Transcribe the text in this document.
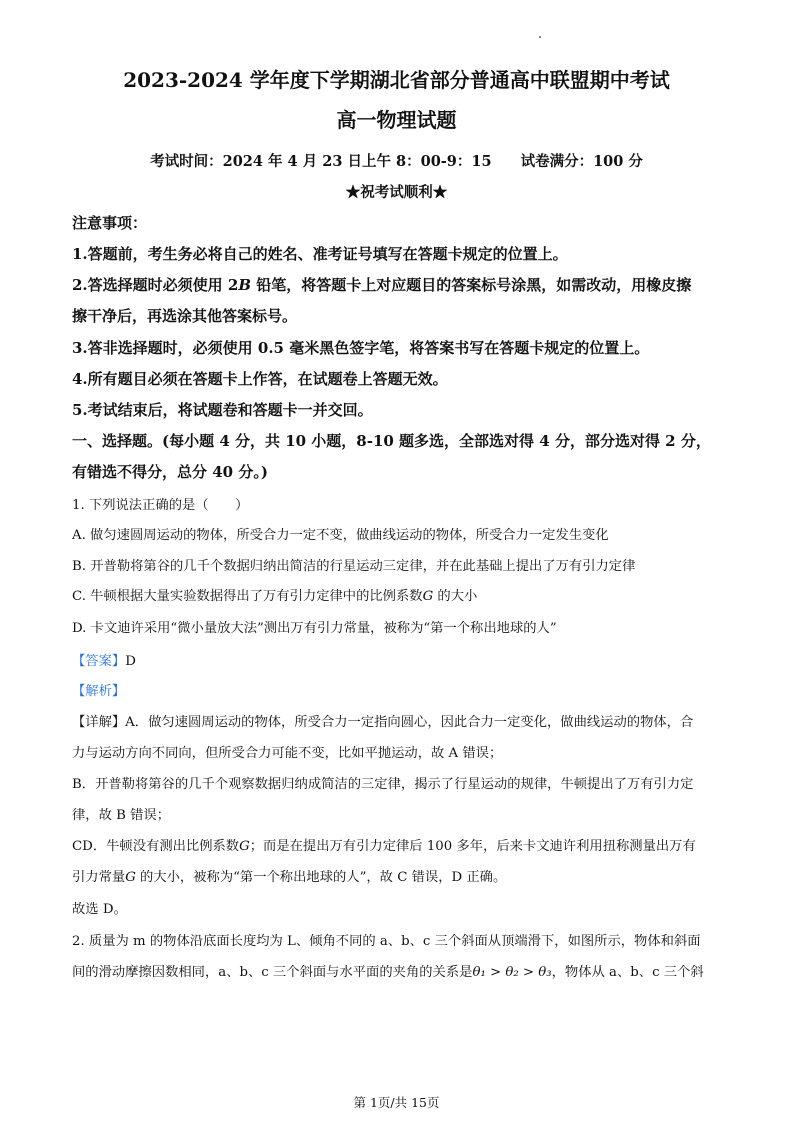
2023-2024 学年度下学期湖北省部分普通高中联盟期中考试
高一物理试题
考试时间：2024 年 4 月 23 日上午 8：00-9：15　　试卷满分：100 分
★祝考试顺利★
注意事项：
1.答题前，考生务必将自己的姓名、准考证号填写在答题卡规定的位置上。
2.答选择题时必须使用 2B 铅笔，将答题卡上对应题目的答案标号涂黑，如需改动，用橡皮擦
擦干净后，再选涂其他答案标号。
3.答非选择题时，必须使用 0.5 毫米黑色签字笔，将答案书写在答题卡规定的位置上。
4.所有题目必须在答题卡上作答，在试题卷上答题无效。
5.考试结束后，将试题卷和答题卡一并交回。
一、选择题。(每小题 4 分，共 10 小题，8-10 题多选，全部选对得 4 分，部分选对得 2 分，
有错选不得分，总分 40 分。)
1. 下列说法正确的是（　　）
A. 做匀速圆周运动的物体，所受合力一定不变，做曲线运动的物体，所受合力一定发生变化
B. 开普勒将第谷的几千个数据归纳出简洁的行星运动三定律，并在此基础上提出了万有引力定律
C. 牛顿根据大量实验数据得出了万有引力定律中的比例系数G 的大小
D. 卡文迪许采用“微小量放大法”测出万有引力常量，被称为“第一个称出地球的人”
【答案】D
【解析】
【详解】A．做匀速圆周运动的物体，所受合力一定指向圆心，因此合力一定变化，做曲线运动的物体，合
力与运动方向不同向，但所受合力可能不变，比如平抛运动，故 A 错误；
B．开普勒将第谷的几千个观察数据归纳成简洁的三定律，揭示了行星运动的规律，牛顿提出了万有引力定
律，故 B 错误；
CD．牛顿没有测出比例系数G；而是在提出万有引力定律后 100 多年，后来卡文迪许利用扭称测量出万有
引力常量G 的大小，被称为“第一个称出地球的人”，故 C 错误，D 正确。
故选 D。
2. 质量为 m 的物体沿底面长度均为 L、倾角不同的 a、b、c 三个斜面从顶端滑下，如图所示，物体和斜面
间的滑动摩擦因数相同，a、b、c 三个斜面与水平面的夹角的关系是θ₁ > θ₂ > θ₃，物体从 a、b、c 三个斜
第 1页/共 15页
